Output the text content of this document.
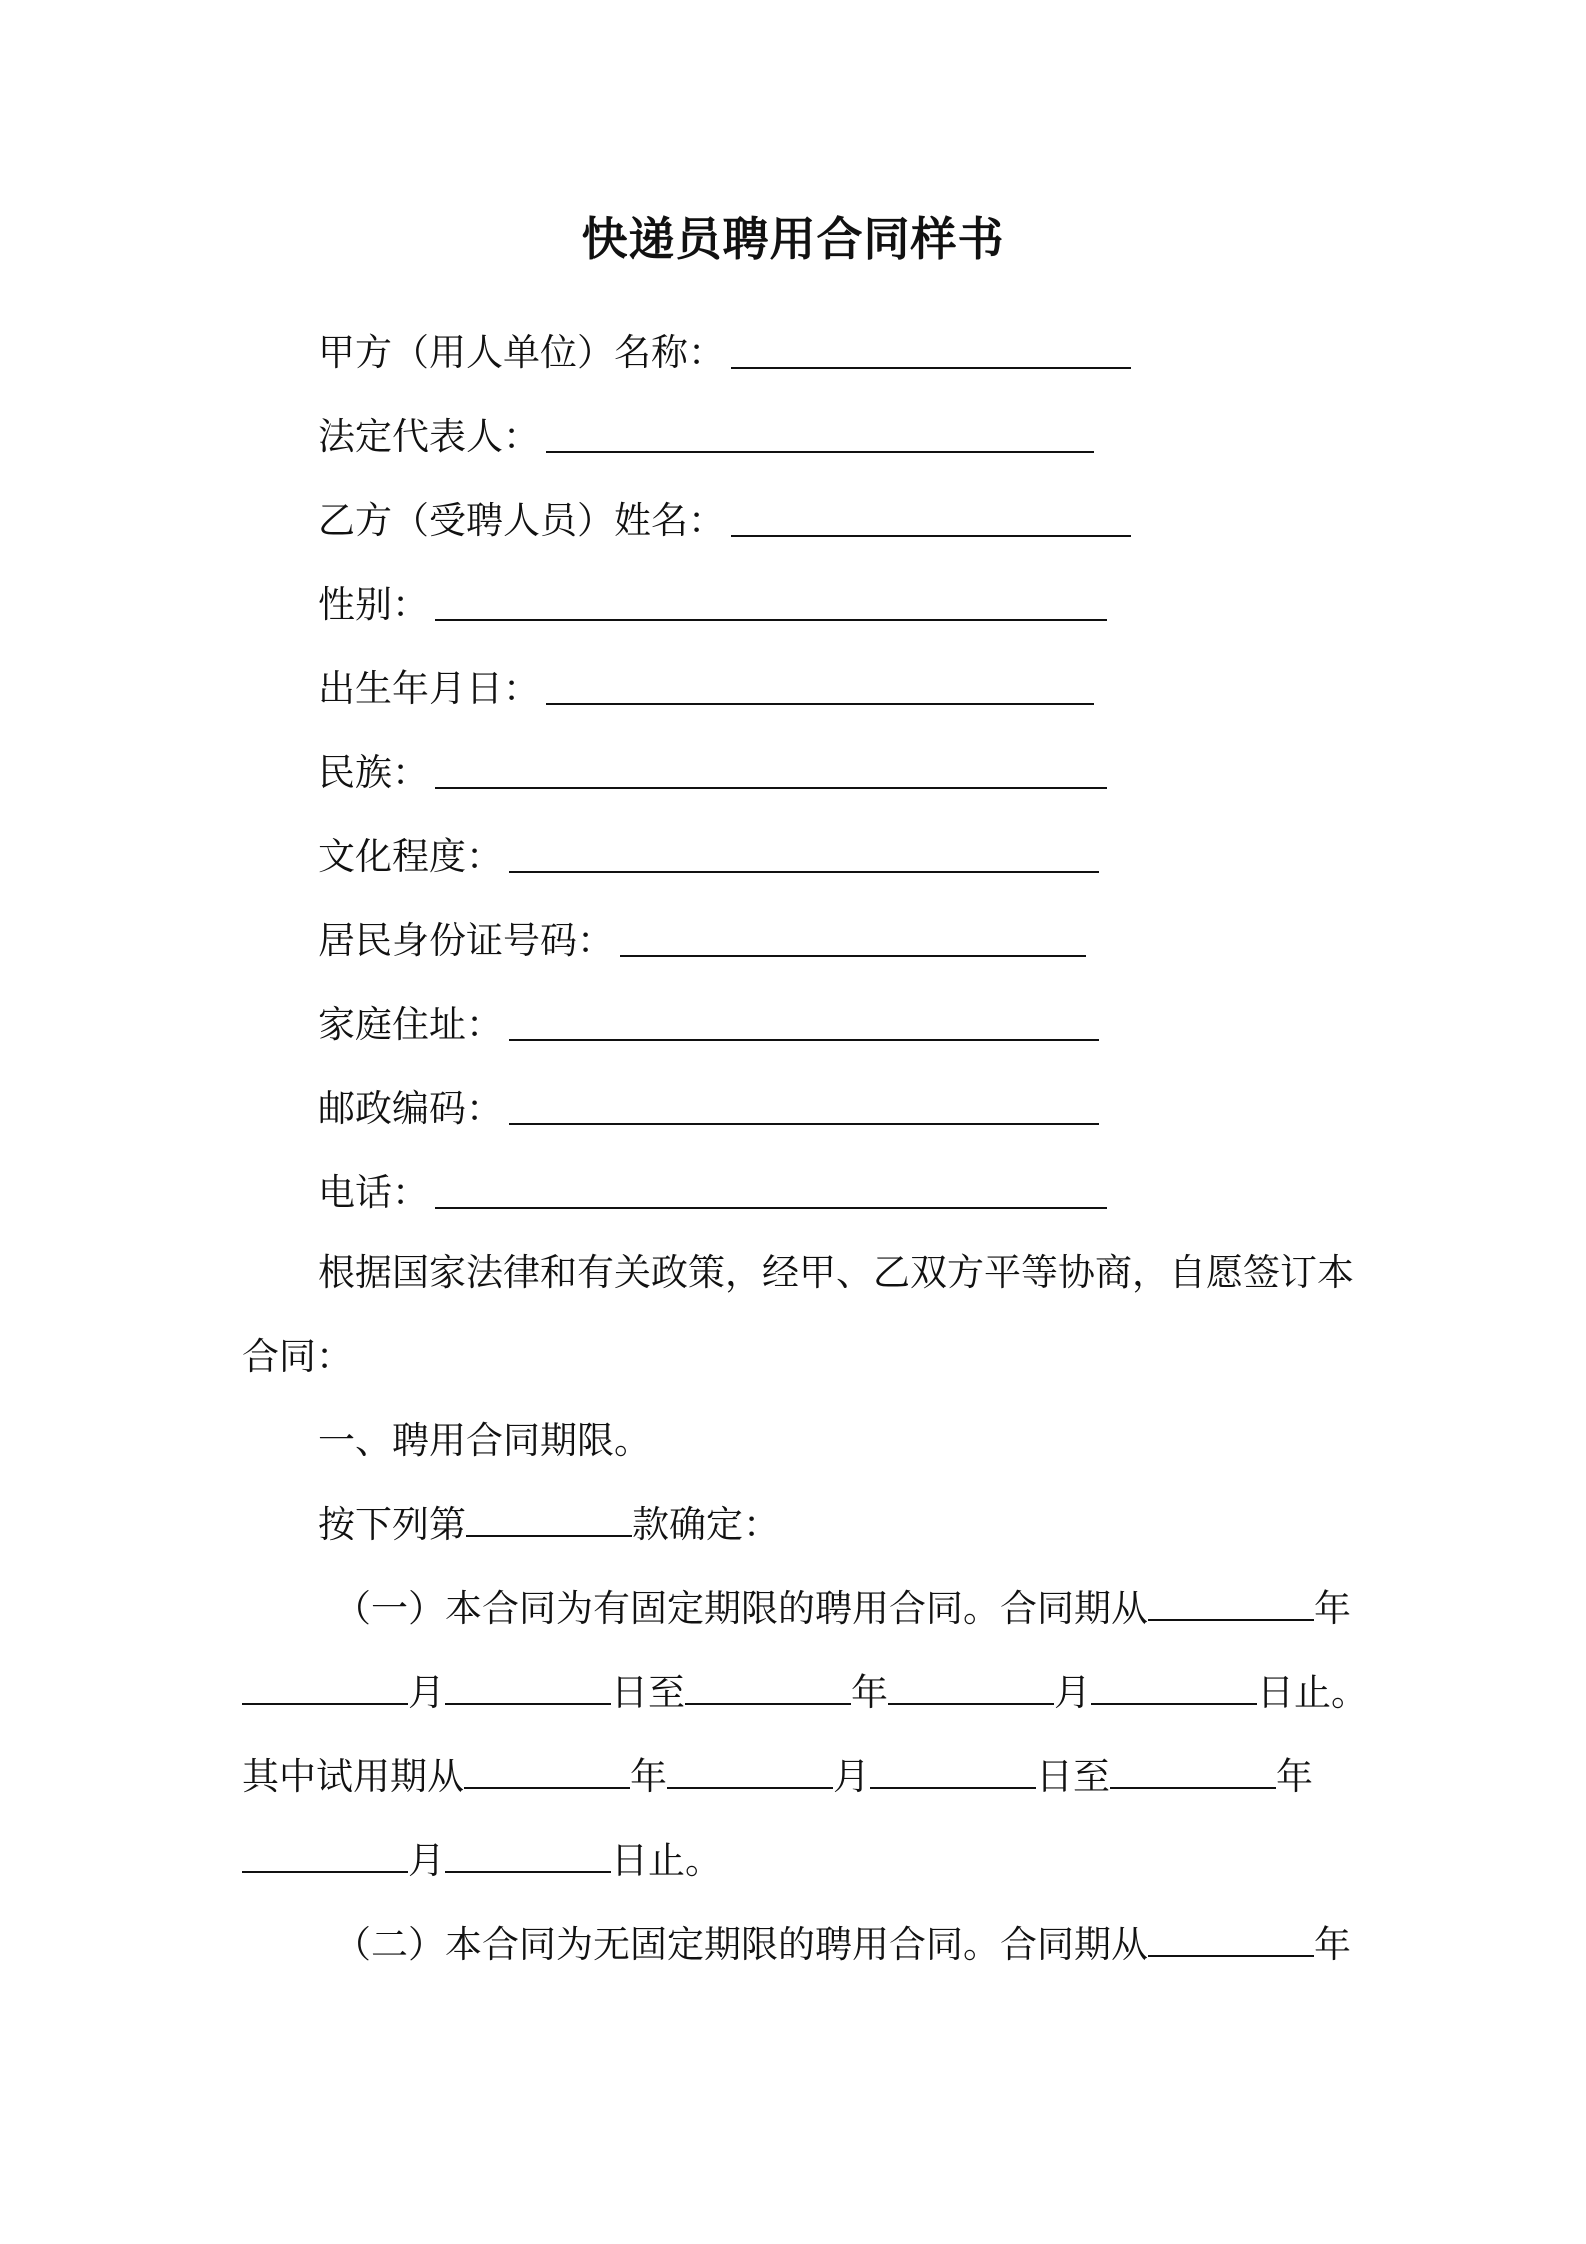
快递员聘用合同样书
甲方（用人单位）名称：
法定代表人：
乙方（受聘人员）姓名：
性别：
出生年月日：
民族：
文化程度：
居民身份证号码：
家庭住址：
邮政编码：
电话：
根据国家法律和有关政策，经甲、乙双方平等协商，自愿签订本
合同：
一、聘用合同期限。
按下列第	款确定：
（一）本合同为有固定期限的聘用合同。合同期从	年
月	日至	年	月	日止。
其中试用期从	年	月	日至	年
月	日止。
（二）本合同为无固定期限的聘用合同。合同期从	年
